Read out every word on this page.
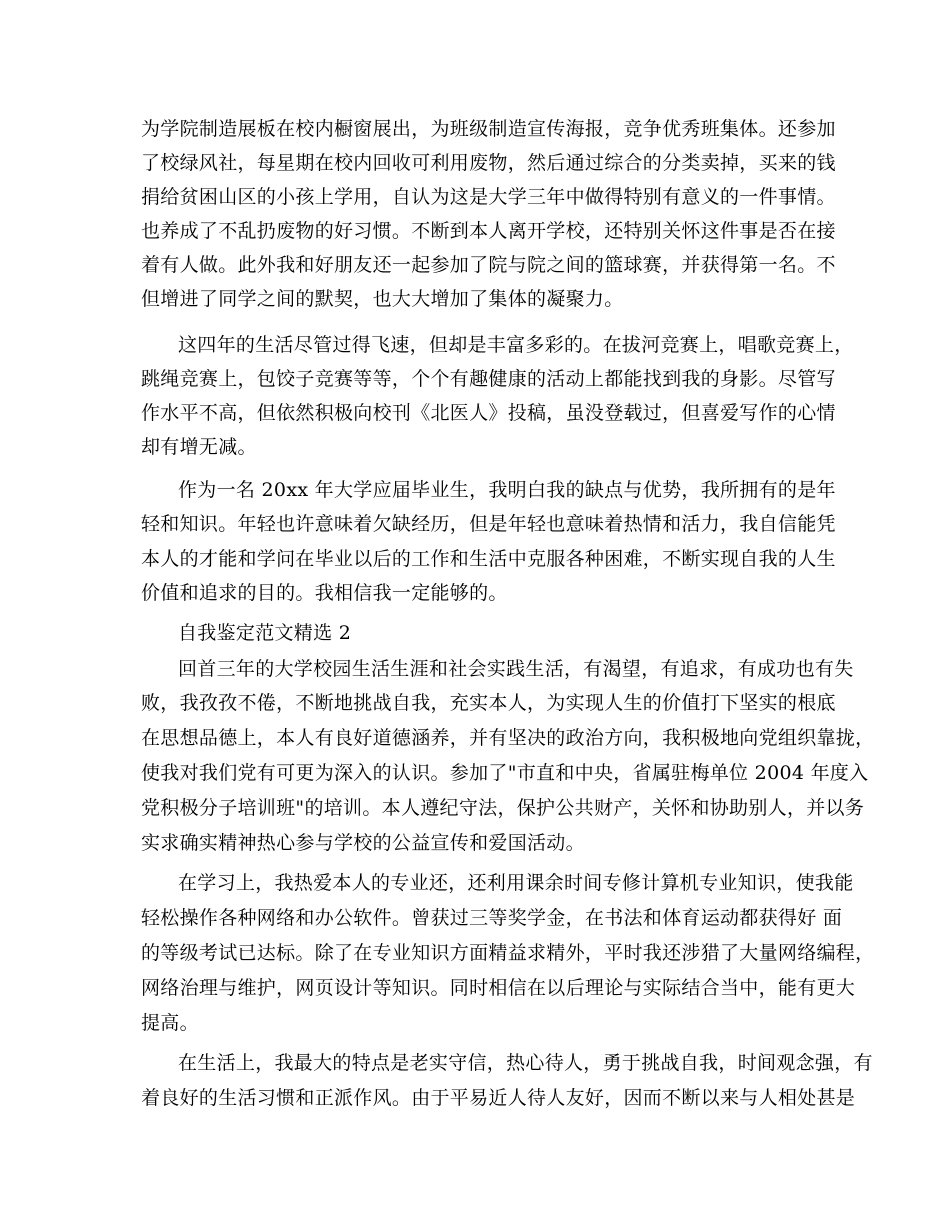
为学院制造展板在校内橱窗展出，为班级制造宣传海报，竞争优秀班集体。还参加
了校绿风社，每星期在校内回收可利用废物，然后通过综合的分类卖掉，买来的钱
捐给贫困山区的小孩上学用，自认为这是大学三年中做得特别有意义的一件事情。
也养成了不乱扔废物的好习惯。不断到本人离开学校，还特别关怀这件事是否在接
着有人做。此外我和好朋友还一起参加了院与院之间的篮球赛，并获得第一名。不
但增进了同学之间的默契，也大大增加了集体的凝聚力。
这四年的生活尽管过得飞速，但却是丰富多彩的。在拔河竞赛上，唱歌竞赛上，
跳绳竞赛上，包饺子竞赛等等，个个有趣健康的活动上都能找到我的身影。尽管写
作水平不高，但依然积极向校刊《北医人》投稿，虽没登载过，但喜爱写作的心情
却有增无减。
作为一名 20xx 年大学应届毕业生，我明白我的缺点与优势，我所拥有的是年
轻和知识。年轻也许意味着欠缺经历，但是年轻也意味着热情和活力，我自信能凭
本人的才能和学问在毕业以后的工作和生活中克服各种困难，不断实现自我的人生
价值和追求的目的。我相信我一定能够的。
自我鉴定范文精选 2
回首三年的大学校园生活生涯和社会实践生活，有渴望，有追求，有成功也有失
败，我孜孜不倦，不断地挑战自我，充实本人，为实现人生的价值打下坚实的根底
在思想品德上，本人有良好道德涵养，并有坚决的政治方向，我积极地向党组织靠拢，
使我对我们党有可更为深入的认识。参加了"市直和中央，省属驻梅单位 2004 年度入
党积极分子培训班"的培训。本人遵纪守法，保护公共财产，关怀和协助别人，并以务
实求确实精神热心参与学校的公益宣传和爱国活动。
在学习上，我热爱本人的专业还，还利用课余时间专修计算机专业知识，使我能
轻松操作各种网络和办公软件。曾获过三等奖学金，在书法和体育运动都获得好 面
的等级考试已达标。除了在专业知识方面精益求精外，平时我还涉猎了大量网络编程，
网络治理与维护，网页设计等知识。同时相信在以后理论与实际结合当中，能有更大
提高。
在生活上，我最大的特点是老实守信，热心待人，勇于挑战自我，时间观念强，有
着良好的生活习惯和正派作风。由于平易近人待人友好，因而不断以来与人相处甚是
